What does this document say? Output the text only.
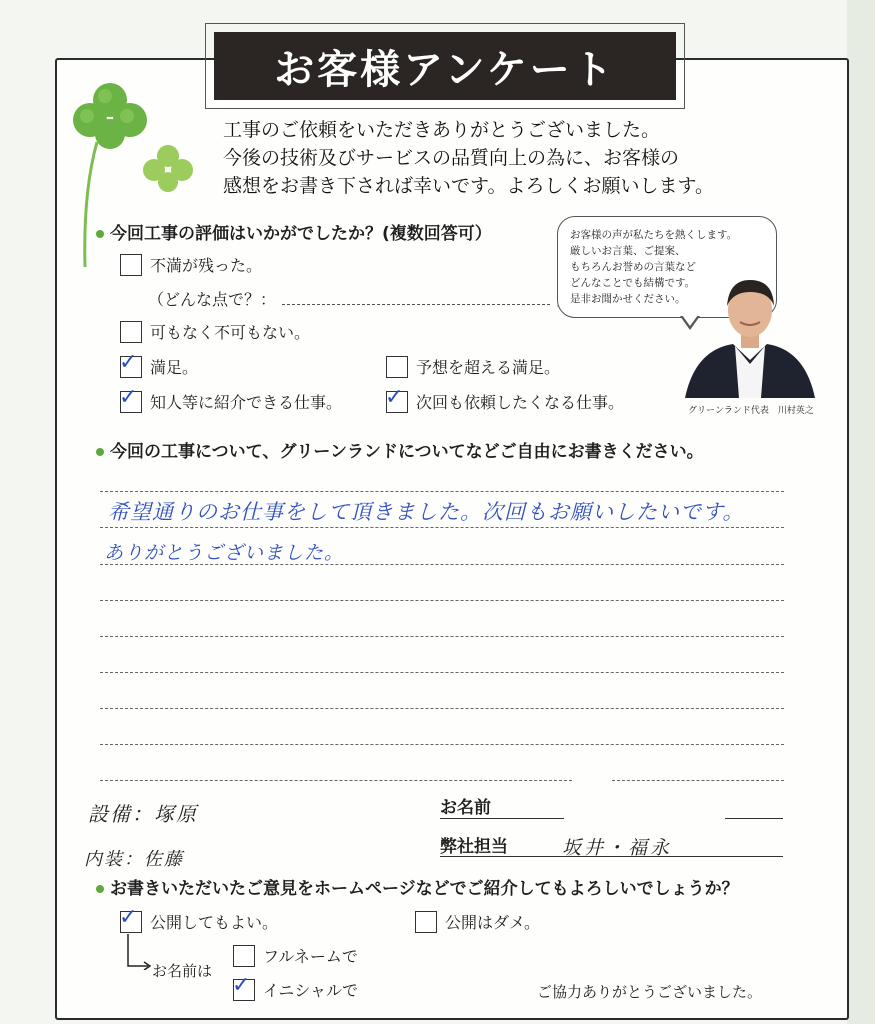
お客様アンケート
工事のご依頼をいただきありがとうございました。
今後の技術及びサービスの品質向上の為に、お客様の
感想をお書き下されば幸いです。よろしくお願いします。
今回工事の評価はいかがでしたか？(複数回答可）
不満が残った。
（どんな点で？：
可もなく不可もない。
✓ 満足。	予想を超える満足。
✓ 知人等に紹介できる仕事。 ✓ 次回も依頼したくなる仕事。
お客様の声が私たちを熱くします。
厳しいお言葉、ご提案、
もちろんお誉めの言葉など
どんなことでも結構です。
是非お聞かせください。
グリーンランド代表　川村英之
今回の工事について、グリーンランドについてなどご自由にお書きください。
希望通りのお仕事をして頂きました。次回もお願いしたいです。
ありがとうございました。
設備：塚原
内装：佐藤
お名前
弊社担当	坂井・福永
お書きいただいたご意見をホームページなどでご紹介してもよろしいでしょうか？
✓ 公開してもよい。	公開はダメ。
お名前は
フルネームで
✓ イニシャルで	ご協力ありがとうございました。
